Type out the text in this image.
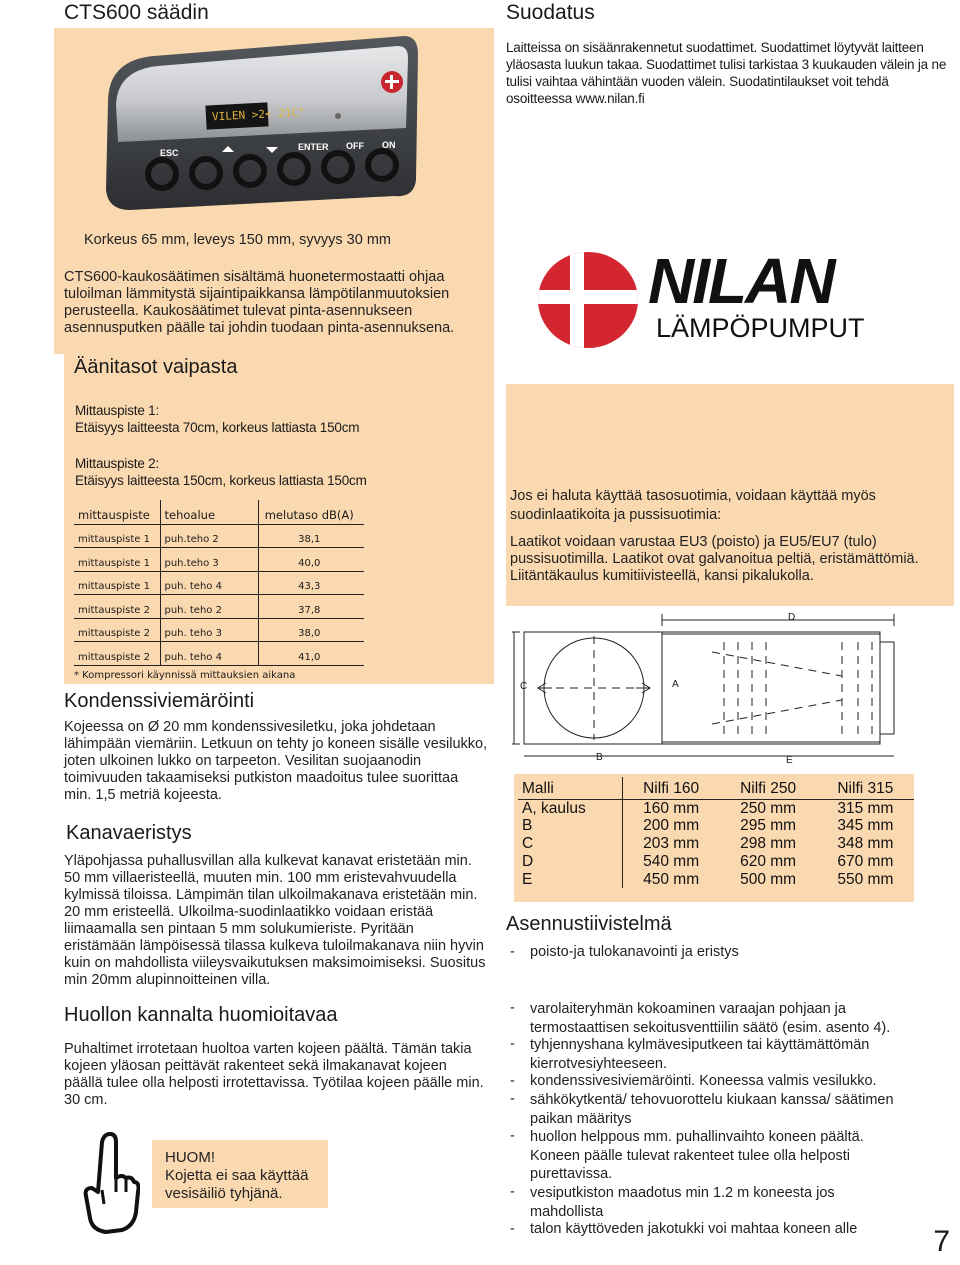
CTS600 säädin
VILEN >2< 21C°
ESC
ENTER OFF ON
Korkeus 65 mm, leveys 150 mm, syvyys 30 mm
CTS600-kaukosäätimen sisältämä huonetermostaatti ohjaa tuloilman lämmitystä sijaintipaikkansa lämpötilanmuutoksien perusteella. Kaukosäätimet tulevat pinta-asennukseen asennusputken päälle tai johdin tuodaan pinta-asennuksena.
Äänitasot vaipasta
Mittauspiste 1:
Etäisyys laitteesta 70cm, korkeus lattiasta 150cm
Mittauspiste 2:
Etäisyys laitteesta 150cm, korkeus lattiasta 150cm
mittauspiste	tehoalue	melutaso dB(A)
mittauspiste 1	puh.teho 2	38,1
mittauspiste 1	puh.teho 3	40,0
mittauspiste 1	puh. teho 4	43,3
mittauspiste 2	puh. teho 2	37,8
mittauspiste 2	puh. teho 3	38,0
mittauspiste 2	puh. teho 4	41,0
* Kompressori käynnissä mittauksien aikana
Kondenssiviemäröinti
Kojeessa on Ø 20 mm kondenssivesiletku, joka johdetaan lähimpään viemäriin. Letkuun on tehty jo koneen sisälle vesilukko, joten ulkoinen lukko on tarpeeton. Vesilitan suojaanodin toimivuuden takaamiseksi putkiston maadoitus tulee suorittaa min. 1,5 metriä kojeesta.
Kanavaeristys
Yläpohjassa puhallusvillan alla kulkevat kanavat eristetään min. 50 mm villaeristeellä, muuten min. 100 mm eristevahvuudella kylmissä tiloissa. Lämpimän tilan ulkoilmakanava eristetään min. 20 mm eristeellä. Ulkoilma-suodinlaatikko voidaan eristää liimaamalla sen pintaan 5 mm solukumieriste. Pyritään eristämään lämpöisessä tilassa kulkeva tuloilmakanava niin hyvin kuin on mahdollista viileysvaikutuksen maksimoimiseksi. Suositus min 20mm alupinnoitteinen villa.
Huollon kannalta huomioitavaa
Puhaltimet irrotetaan huoltoa varten kojeen päältä. Tämän takia kojeen yläosan peittävät rakenteet sekä ilmakanavat kojeen päällä tulee olla helposti irrotettavissa. Työtilaa kojeen päälle min. 30 cm.
HUOM!
Kojetta ei saa käyttää
vesisäiliö tyhjänä.
Suodatus
Laitteissa on sisäänrakennetut suodattimet. Suodattimet löytyvät laitteen yläosasta luukun takaa. Suodattimet tulisi tarkistaa 3 kuukauden välein ja ne tulisi vaihtaa vähintään vuoden välein. Suodatintilaukset voit tehdä osoitteessa www.nilan.fi
NILAN
LÄMPÖPUMPUT
Jos ei haluta käyttää tasosuotimia, voidaan käyttää myös suodinlaatikoita ja pussisuotimia:
Laatikot voidaan varustaa EU3 (poisto) ja EU5/EU7 (tulo) pussisuotimilla. Laatikot ovat galvanoitua peltiä, eristämättömiä. Liitäntäkaulus kumitiivisteellä, kansi pikalukolla.
D
C	A
B	E
Malli	Nilfi 160	Nilfi 250	Nilfi 315
A, kaulus	160 mm	250 mm	315 mm
B	200 mm	295 mm	345 mm
C	203 mm	298 mm	348 mm
D	540 mm	620 mm	670 mm
E	450 mm	500 mm	550 mm
Asennustiivistelmä
- poisto-ja tulokanavointi ja eristys
- varolaiteryhmän kokoaminen varaajan pohjaan ja termostaattisen sekoitusventtiilin säätö (esim. asento 4).
- tyhjennyshana kylmävesiputkeen tai käyttämättömän kierrotvesiyhteeseen.
- kondenssivesiviemäröinti. Koneessa valmis vesilukko.
- sähkökytkentä/ tehovuorottelu kiukaan kanssa/ säätimen paikan määritys
- huollon helppous mm. puhallinvaihto koneen päältä. Koneen päälle tulevat rakenteet tulee olla helposti purettavissa.
- vesiputkiston maadotus min 1.2 m koneesta jos mahdollista
- talon käyttöveden jakotukki voi mahtaa koneen alle	7
